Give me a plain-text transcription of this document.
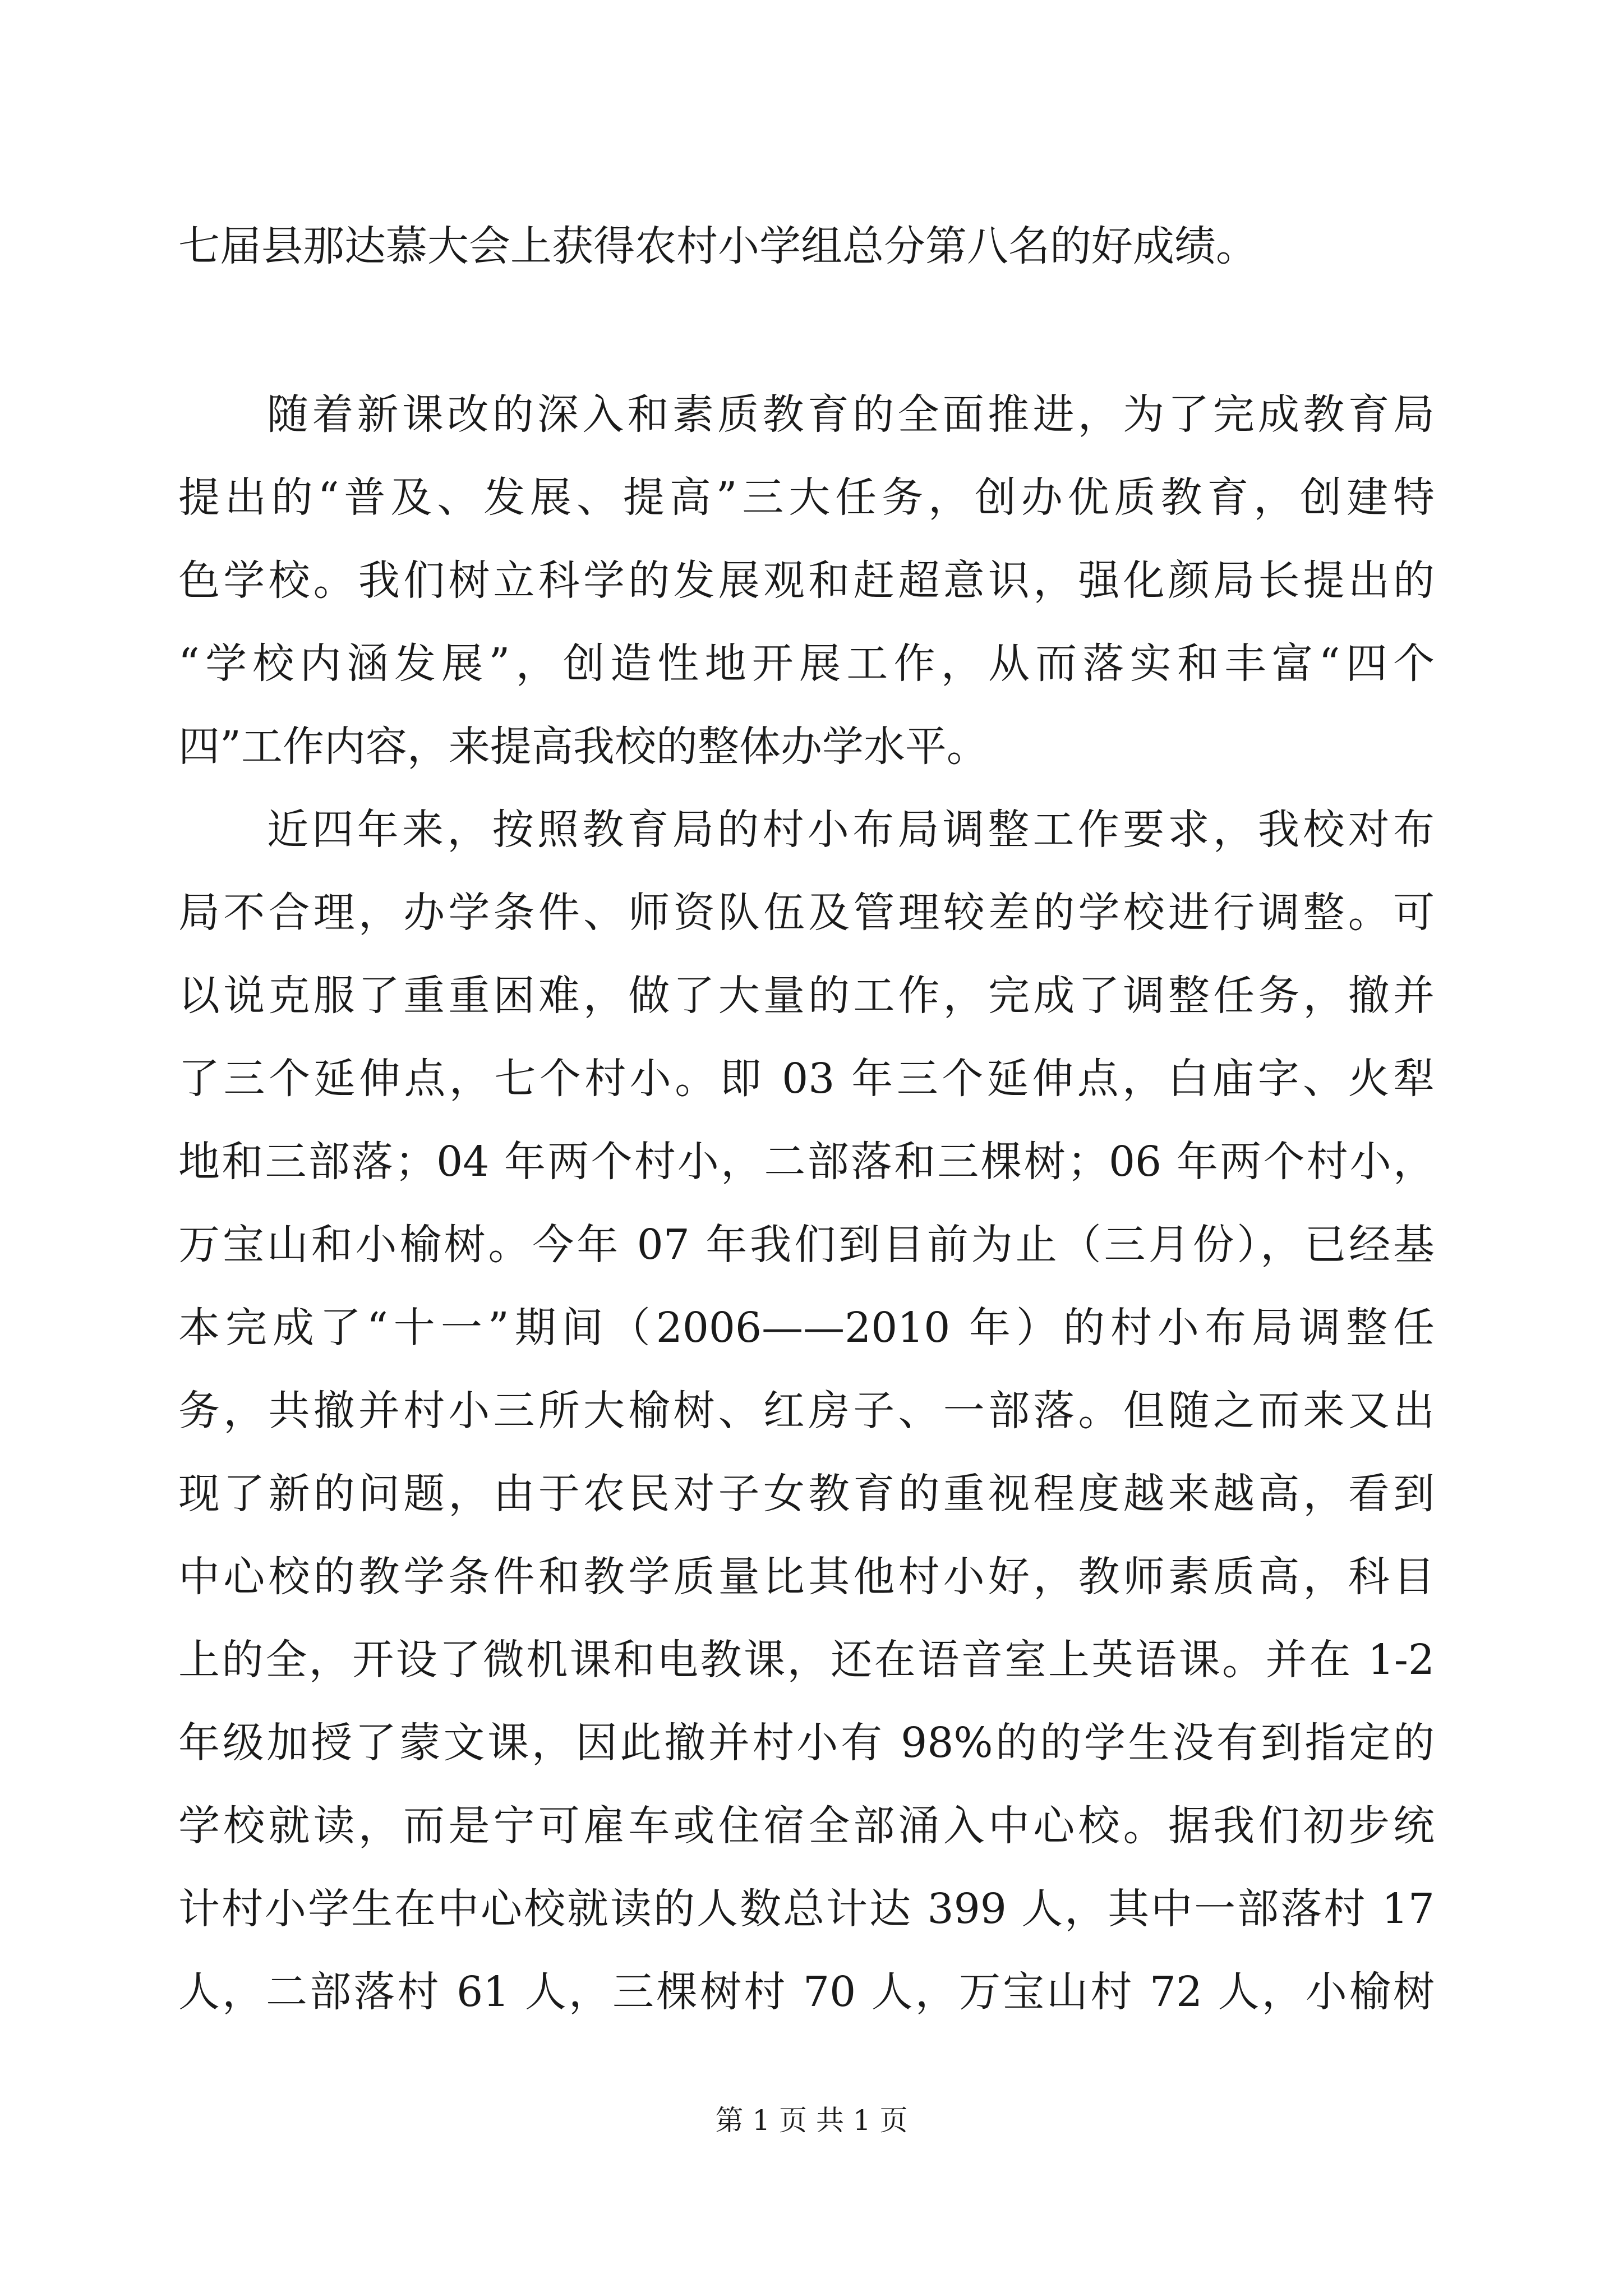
七届县那达慕大会上获得农村小学组总分第八名的好成绩。
随着新课改的深入和素质教育的全面推进，为了完成教育局
提出的“普及、发展、提高”三大任务，创办优质教育，创建特
色学校。我们树立科学的发展观和赶超意识，强化颜局长提出的
“学校内涵发展”，创造性地开展工作，从而落实和丰富“四个
四”工作内容，来提高我校的整体办学水平。
近四年来，按照教育局的村小布局调整工作要求，我校对布
局不合理，办学条件、师资队伍及管理较差的学校进行调整。可
以说克服了重重困难，做了大量的工作，完成了调整任务，撤并
了三个延伸点，七个村小。即 03 年三个延伸点，白庙字、火犁
地和三部落；04 年两个村小，二部落和三棵树；06 年两个村小，
万宝山和小榆树。今年 07 年我们到目前为止（三月份），已经基
本完成了“十一”期间（2006——2010 年）的村小布局调整任
务，共撤并村小三所大榆树、红房子、一部落。但随之而来又出
现了新的问题，由于农民对子女教育的重视程度越来越高，看到
中心校的教学条件和教学质量比其他村小好，教师素质高，科目
上的全，开设了微机课和电教课，还在语音室上英语课。并在 1-2
年级加授了蒙文课，因此撤并村小有 98%的的学生没有到指定的
学校就读，而是宁可雇车或住宿全部涌入中心校。据我们初步统
计村小学生在中心校就读的人数总计达 399 人，其中一部落村 17
人，二部落村 61 人，三棵树村 70 人，万宝山村 72 人，小榆树
第 1 页 共 1 页
